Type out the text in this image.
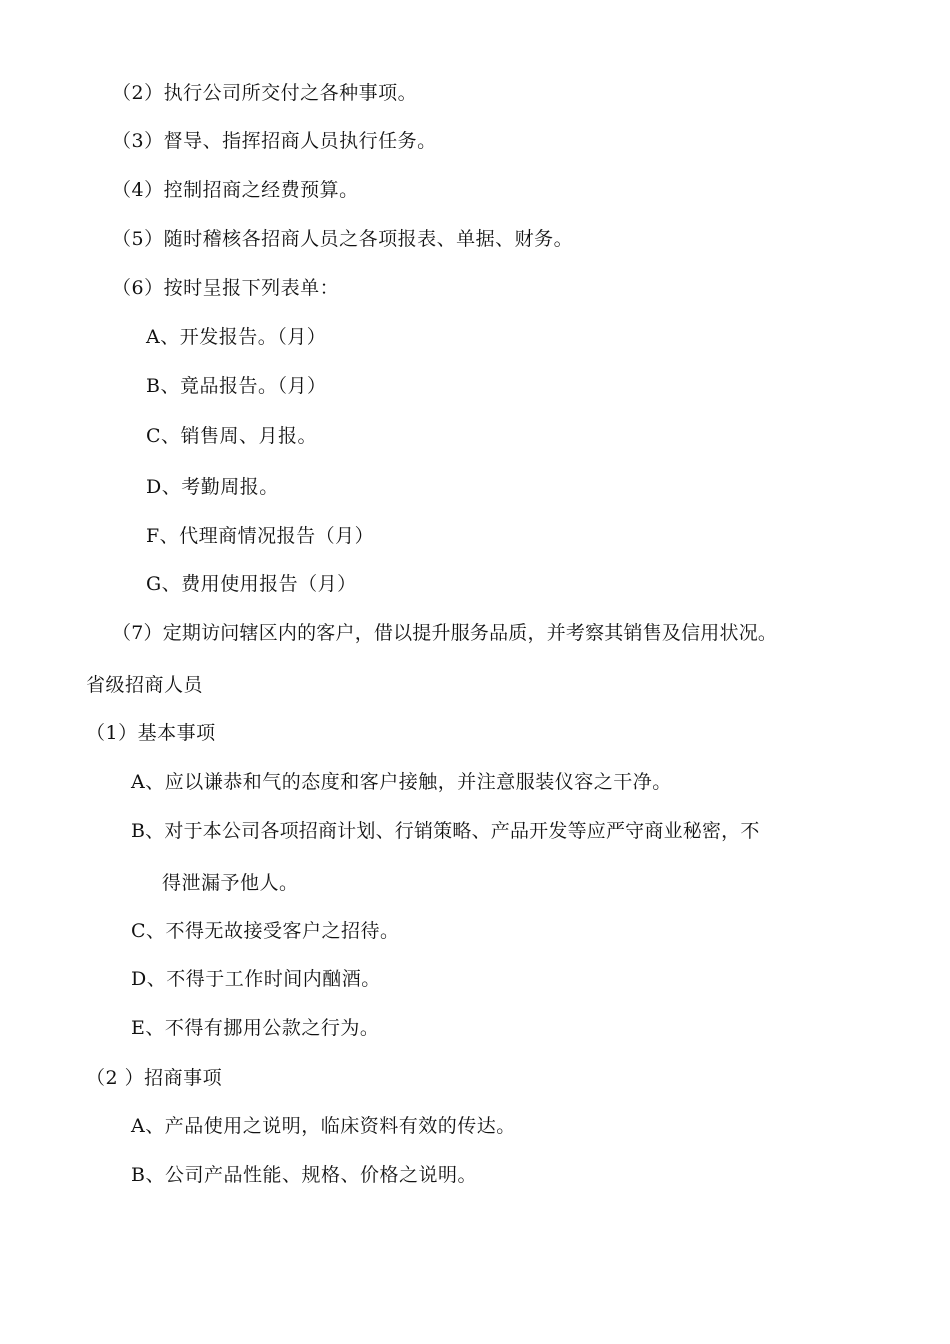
（2）执行公司所交付之各种事项。
（3）督导、指挥招商人员执行任务。
（4）控制招商之经费预算。
（5）随时稽核各招商人员之各项报表、单据、财务。
（6）按时呈报下列表单：
A、开发报告。（月）
B、竟品报告。（月）
C、销售周、月报。
D、考勤周报。
F、代理商情况报告（月）
G、费用使用报告（月）
（7）定期访问辖区内的客户，借以提升服务品质，并考察其销售及信用状况。
省级招商人员
（1）基本事项
A、应以谦恭和气的态度和客户接触，并注意服装仪容之干净。
B、对于本公司各项招商计划、行销策略、产品开发等应严守商业秘密，不
得泄漏予他人。
C、不得无故接受客户之招待。
D、不得于工作时间内酗酒。
E、不得有挪用公款之行为。
（2 ）招商事项
A、产品使用之说明，临床资料有效的传达。
B、公司产品性能、规格、价格之说明。
